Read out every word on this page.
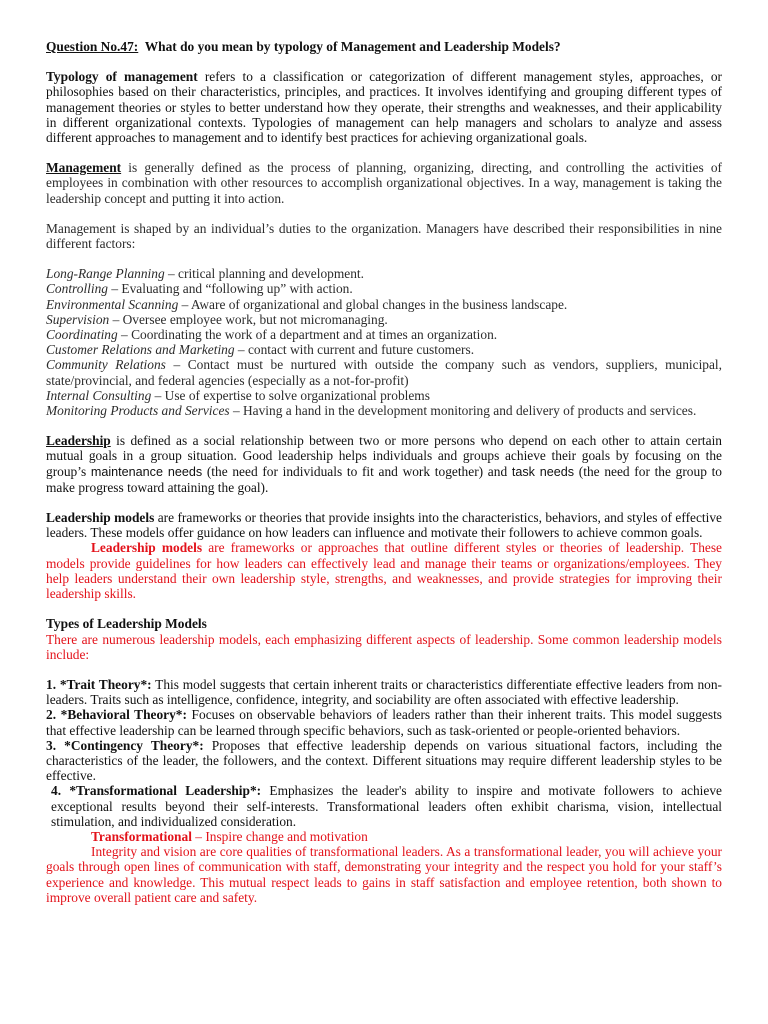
Question No.47: What do you mean by typology of Management and Leadership Models?

Typology of management refers to a classification or categorization of different management styles, approaches, or philosophies based on their characteristics, principles, and practices. It involves identifying and grouping different types of management theories or styles to better understand how they operate, their strengths and weaknesses, and their applicability in different organizational contexts. Typologies of management can help managers and scholars to analyze and assess different approaches to management and to identify best practices for achieving organizational goals.

Management is generally defined as the process of planning, organizing, directing, and controlling the activities of employees in combination with other resources to accomplish organizational objectives. In a way, management is taking the leadership concept and putting it into action.

Management is shaped by an individual’s duties to the organization. Managers have described their responsibilities in nine different factors:

Long-Range Planning – critical planning and development.

Controlling – Evaluating and “following up” with action.

Environmental Scanning – Aware of organizational and global changes in the business landscape.

Supervision – Oversee employee work, but not micromanaging.

Coordinating – Coordinating the work of a department and at times an organization.

Customer Relations and Marketing – contact with current and future customers.

Community Relations – Contact must be nurtured with outside the company such as vendors, suppliers, municipal, state/provincial, and federal agencies (especially as a not-for-profit)

Internal Consulting – Use of expertise to solve organizational problems

Monitoring Products and Services – Having a hand in the development monitoring and delivery of products and services.

Leadership is defined as a social relationship between two or more persons who depend on each other to attain certain mutual goals in a group situation. Good leadership helps individuals and groups achieve their goals by focusing on the group’s maintenance needs (the need for individuals to fit and work together) and task needs (the need for the group to make progress toward attaining the goal).

Leadership models are frameworks or theories that provide insights into the characteristics, behaviors, and styles of effective leaders. These models offer guidance on how leaders can influence and motivate their followers to achieve common goals.

Leadership models are frameworks or approaches that outline different styles or theories of leadership. These models provide guidelines for how leaders can effectively lead and manage their teams or organizations/employees. They help leaders understand their own leadership style, strengths, and weaknesses, and provide strategies for improving their leadership skills.

Types of Leadership Models

There are numerous leadership models, each emphasizing different aspects of leadership. Some common leadership models include:

1. *Trait Theory*: This model suggests that certain inherent traits or characteristics differentiate effective leaders from non-leaders. Traits such as intelligence, confidence, integrity, and sociability are often associated with effective leadership.

2. *Behavioral Theory*: Focuses on observable behaviors of leaders rather than their inherent traits. This model suggests that effective leadership can be learned through specific behaviors, such as task-oriented or people-oriented behaviors.

3. *Contingency Theory*: Proposes that effective leadership depends on various situational factors, including the characteristics of the leader, the followers, and the context. Different situations may require different leadership styles to be effective.

4. *Transformational Leadership*: Emphasizes the leader's ability to inspire and motivate followers to achieve exceptional results beyond their self-interests. Transformational leaders often exhibit charisma, vision, intellectual stimulation, and individualized consideration.

Transformational – Inspire change and motivation

Integrity and vision are core qualities of transformational leaders. As a transformational leader, you will achieve your goals through open lines of communication with staff, demonstrating your integrity and the respect you hold for your staff’s experience and knowledge. This mutual respect leads to gains in staff satisfaction and employee retention, both shown to improve overall patient care and safety.
